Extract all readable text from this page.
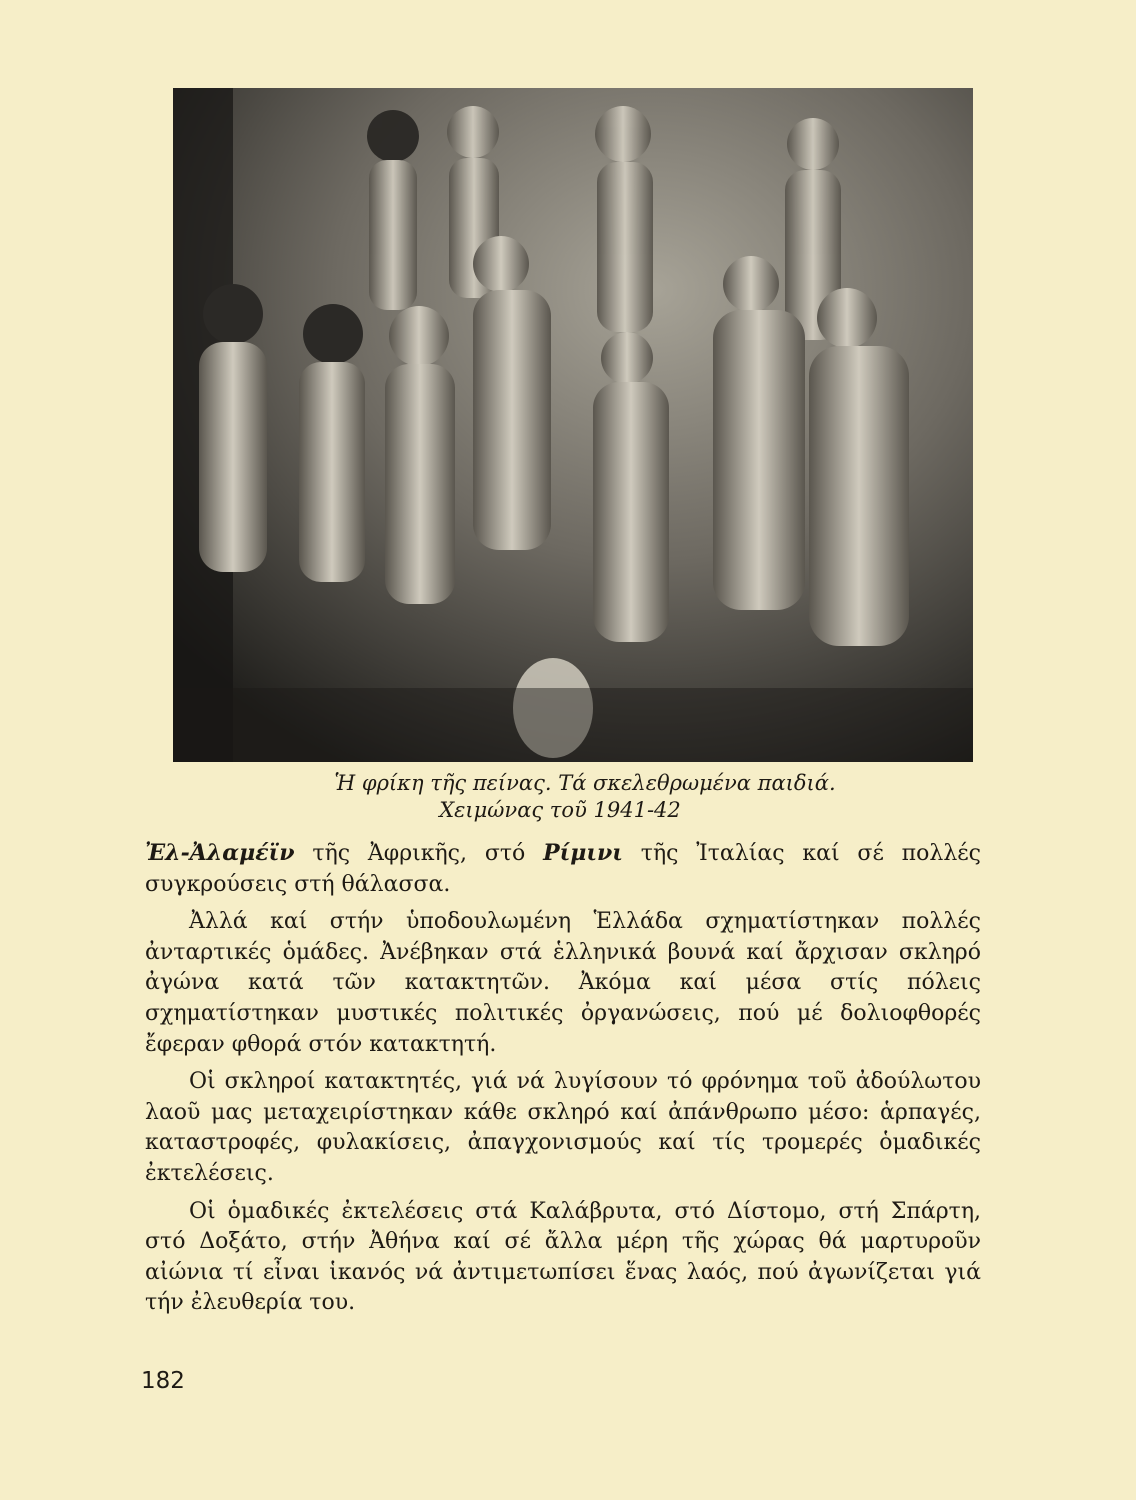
Ἡ φρίκη τῆς πείνας. Τά σκελεθρωμένα παιδιά.
Χειμώνας τοῦ 1941-42

Ἐλ-Ἀλαμέϊν τῆς Ἀφρικῆς, στό Ρίμινι τῆς Ἰταλίας καί σέ πολλές συγκρούσεις στή θάλασσα.

Ἀλλά καί στήν ὑποδουλωμένη Ἑλλάδα σχηματίστηκαν πολλές ἀνταρτικές ὁμάδες. Ἀνέβηκαν στά ἑλληνικά βουνά καί ἄρχισαν σκληρό ἀγώνα κατά τῶν κατακτητῶν. Ἀκόμα καί μέσα στίς πόλεις σχηματίστηκαν μυστικές πολιτικές ὀργανώσεις, πού μέ δολιοφθορές ἔφεραν φθορά στόν κατακτητή.

Οἱ σκληροί κατακτητές, γιά νά λυγίσουν τό φρόνημα τοῦ ἀδούλωτου λαοῦ μας μεταχειρίστηκαν κάθε σκληρό καί ἀπάνθρωπο μέσο: ἁρπαγές, καταστροφές, φυλακίσεις, ἀπαγχονισμούς καί τίς τρομερές ὁμαδικές ἐκτελέσεις.

Οἱ ὁμαδικές ἐκτελέσεις στά Καλάβρυτα, στό Δίστομο, στή Σπάρτη, στό Δοξάτο, στήν Ἀθήνα καί σέ ἄλλα μέρη τῆς χώρας θά μαρτυροῦν αἰώνια τί εἶναι ἱκανός νά ἀντιμετωπίσει ἕνας λαός, πού ἀγωνίζεται γιά τήν ἐλευθερία του.

182
